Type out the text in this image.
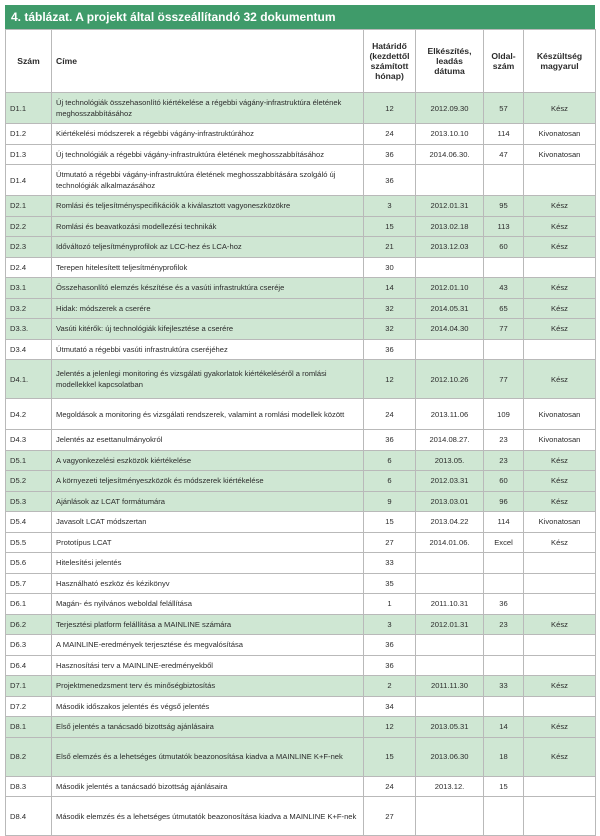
4. táblázat. A projekt által összeállítandó 32 dokumentum
Szám	Címe	Határidő (kezdettől számított hónap)	Elkészítés, leadás dátuma	Oldal-szám	Készültség magyarul
D1.1	Új technológiák összehasonlító kiértékelése a régebbi vágány-infrastruktúra életének meghosszabbításához	12	2012.09.30	57	Kész
D1.2	Kiértékelési módszerek a régebbi vágány-infrastruktúrához	24	2013.10.10	114	Kivonatosan
D1.3	Új technológiák a régebbi vágány-infrastruktúra életének meghosszabbításához	36	2014.06.30.	47	Kivonatosan
D1.4	Útmutató a régebbi vágány-infrastruktúra életének meghosszabbítására szolgáló új technológiák alkalmazásához	36			
D2.1	Romlási és teljesítményspecifikációk a kiválasztott vagyoneszközökre	3	2012.01.31	95	Kész
D2.2	Romlási és beavatkozási modellezési technikák	15	2013.02.18	113	Kész
D2.3	Időváltozó teljesítményprofilok az LCC-hez és LCA-hoz	21	2013.12.03	60	Kész
D2.4	Terepen hitelesített teljesítményprofilok	30			
D3.1	Összehasonlító elemzés készítése és a vasúti infrastruktúra cseréje	14	2012.01.10	43	Kész
D3.2	Hidak: módszerek a cserére	32	2014.05.31	65	Kész
D3.3.	Vasúti kitérők: új technológiák kifejlesztése a cserére	32	2014.04.30	77	Kész
D3.4	Útmutató a régebbi vasúti infrastruktúra cseréjéhez	36			
D4.1.	Jelentés a jelenlegi monitoring és vizsgálati gyakorlatok kiértékeléséről a romlási modellekkel kapcsolatban	12	2012.10.26	77	Kész
D4.2	Megoldások a monitoring és vizsgálati rendszerek, valamint a romlási modellek között	24	2013.11.06	109	Kivonatosan
D4.3	Jelentés az esettanulmányokról	36	2014.08.27.	23	Kivonatosan
D5.1	A vagyonkezelési eszközök kiértékelése	6	2013.05.	23	Kész
D5.2	A környezeti teljesítményeszközök és módszerek kiértékelése	6	2012.03.31	60	Kész
D5.3	Ajánlások az LCAT formátumára	9	2013.03.01	96	Kész
D5.4	Javasolt LCAT módszertan	15	2013.04.22	114	Kivonatosan
D5.5	Prototípus LCAT	27	2014.01.06.	Excel	Kész
D5.6	Hitelesítési jelentés	33			
D5.7	Használható eszköz és kézikönyv	35			
D6.1	Magán- és nyilvános weboldal felállítása	1	2011.10.31	36	
D6.2	Terjesztési platform felállítása a MAINLINE számára	3	2012.01.31	23	Kész
D6.3	A MAINLINE-eredmények terjesztése és megvalósítása	36			
D6.4	Hasznosítási terv a MAINLINE-eredményekből	36			
D7.1	Projektmenedzsment terv és minőségbiztosítás	2	2011.11.30	33	Kész
D7.2	Második időszakos jelentés és végső jelentés	34			
D8.1	Első jelentés a tanácsadó bizottság ajánlásaira	12	2013.05.31	14	Kész
D8.2	Első elemzés és a lehetséges útmutatók beazonosítása kiadva a MAINLINE K+F-nek	15	2013.06.30	18	Kész
D8.3	Második jelentés a tanácsadó bizottság ajánlásaira	24	2013.12.	15	
D8.4	Második elemzés és a lehetséges útmutatók beazonosítása kiadva a MAINLINE K+F-nek	27			
